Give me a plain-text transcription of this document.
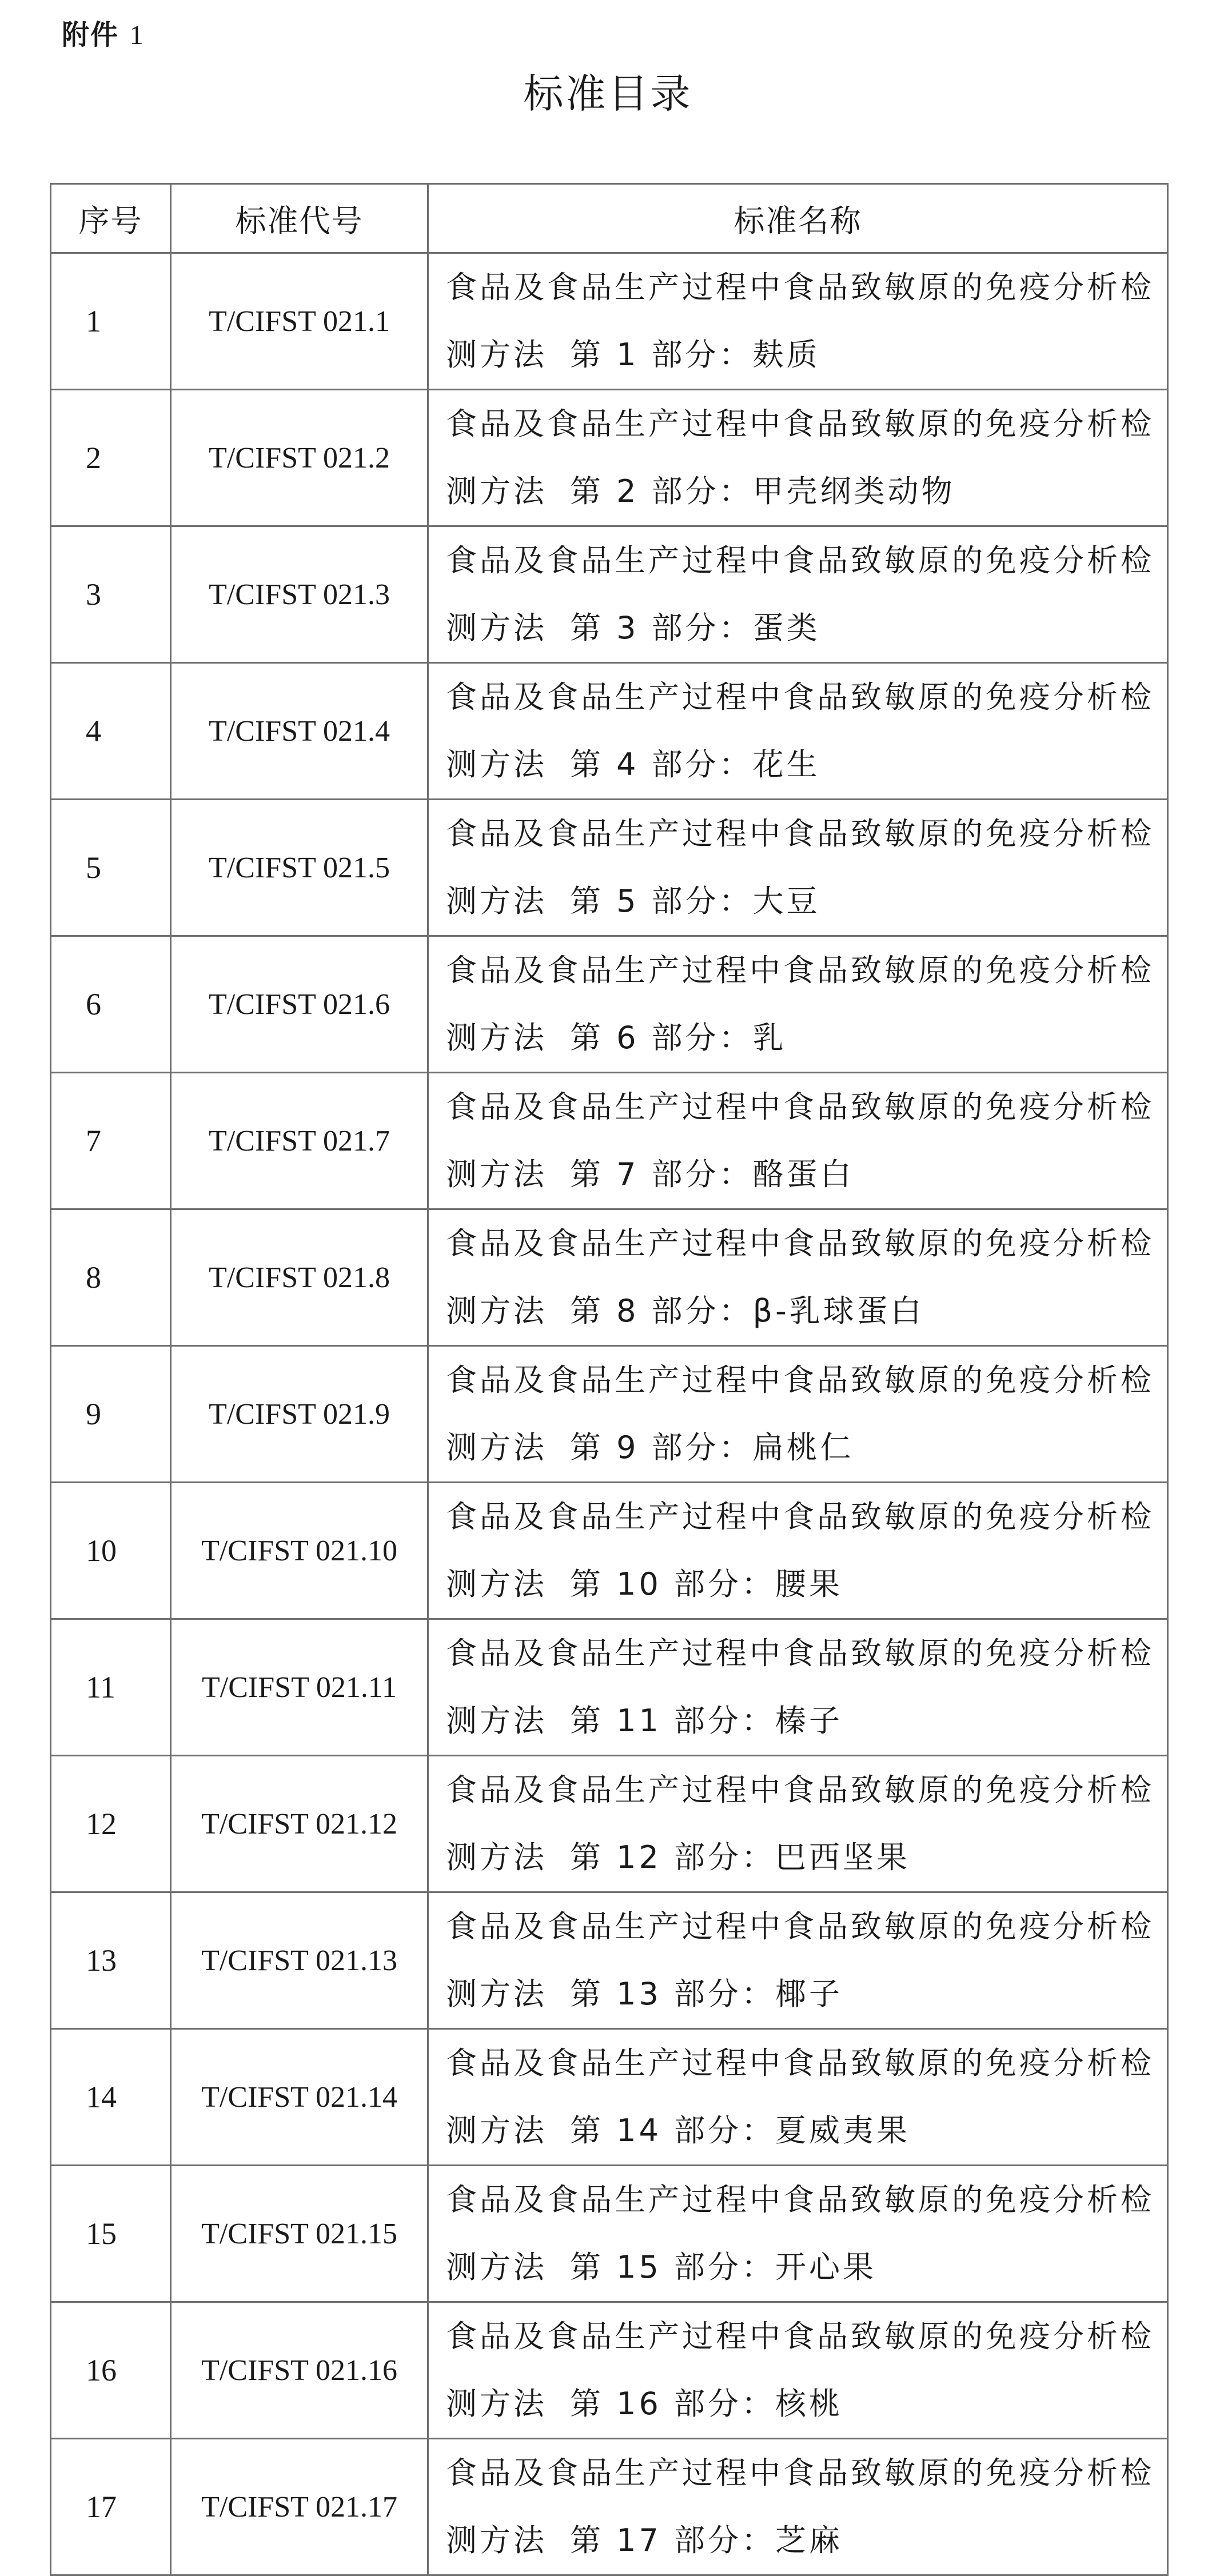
附件 1
标准目录
序号	标准代号	标准名称
1	T/CIFST 021.1	食品及食品生产过程中食品致敏原的免疫分析检
测方法 第 1 部分：麸质

2	T/CIFST 021.2	食品及食品生产过程中食品致敏原的免疫分析检
测方法 第 2 部分：甲壳纲类动物

3	T/CIFST 021.3	食品及食品生产过程中食品致敏原的免疫分析检
测方法 第 3 部分：蛋类

4	T/CIFST 021.4	食品及食品生产过程中食品致敏原的免疫分析检
测方法 第 4 部分：花生

5	T/CIFST 021.5	食品及食品生产过程中食品致敏原的免疫分析检
测方法 第 5 部分：大豆

6	T/CIFST 021.6	食品及食品生产过程中食品致敏原的免疫分析检
测方法 第 6 部分：乳

7	T/CIFST 021.7	食品及食品生产过程中食品致敏原的免疫分析检
测方法 第 7 部分：酪蛋白

8	T/CIFST 021.8	食品及食品生产过程中食品致敏原的免疫分析检
测方法 第 8 部分：β-乳球蛋白

9	T/CIFST 021.9	食品及食品生产过程中食品致敏原的免疫分析检
测方法 第 9 部分：扁桃仁

10	T/CIFST 021.10	食品及食品生产过程中食品致敏原的免疫分析检
测方法 第 10 部分：腰果

11	T/CIFST 021.11	食品及食品生产过程中食品致敏原的免疫分析检
测方法 第 11 部分：榛子

12	T/CIFST 021.12	食品及食品生产过程中食品致敏原的免疫分析检
测方法 第 12 部分：巴西坚果

13	T/CIFST 021.13	食品及食品生产过程中食品致敏原的免疫分析检
测方法 第 13 部分：椰子

14	T/CIFST 021.14	食品及食品生产过程中食品致敏原的免疫分析检
测方法 第 14 部分：夏威夷果

15	T/CIFST 021.15	食品及食品生产过程中食品致敏原的免疫分析检
测方法 第 15 部分：开心果

16	T/CIFST 021.16	食品及食品生产过程中食品致敏原的免疫分析检
测方法 第 16 部分：核桃

17	T/CIFST 021.17	食品及食品生产过程中食品致敏原的免疫分析检
测方法 第 17 部分：芝麻
